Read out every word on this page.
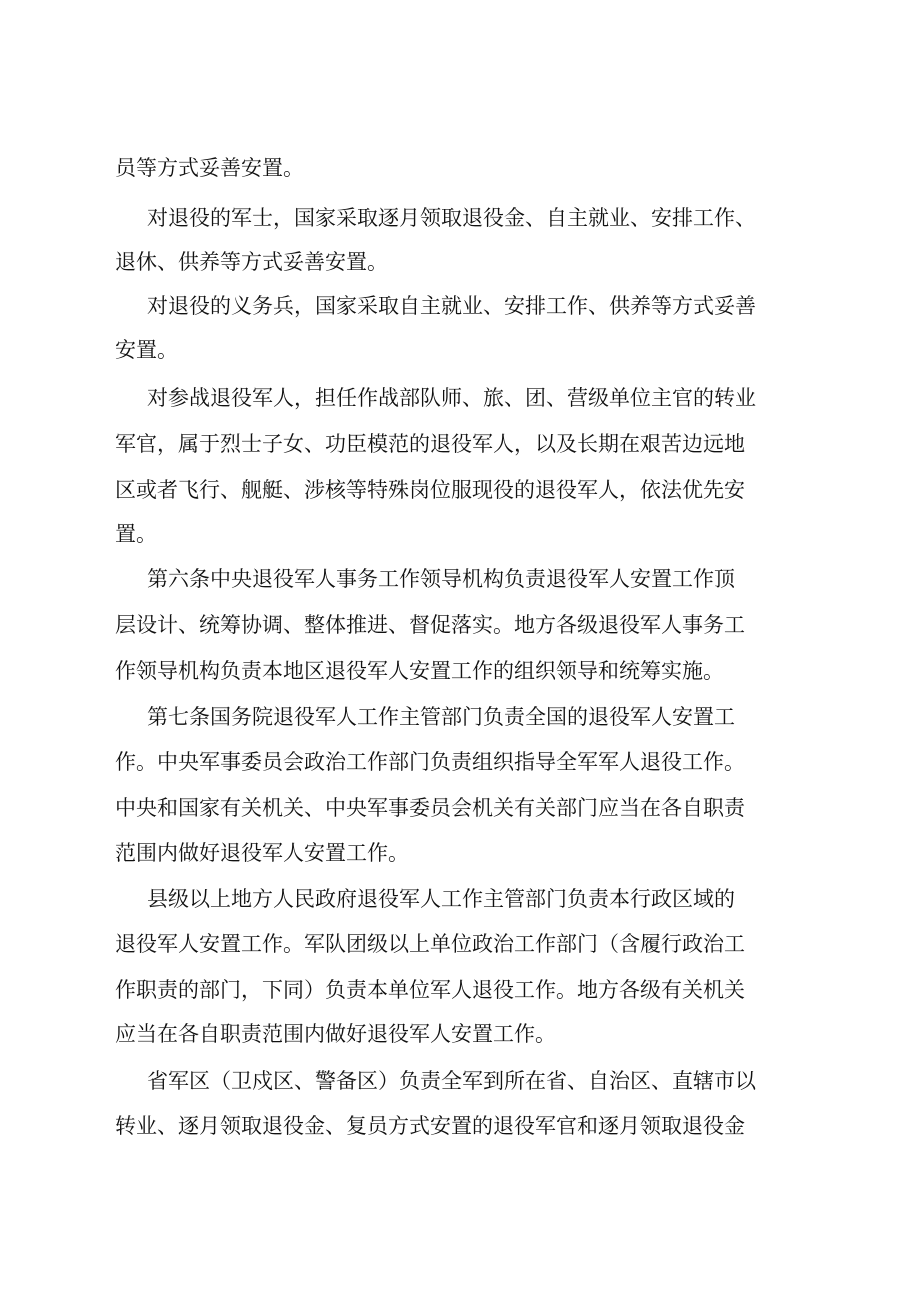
员等方式妥善安置。
对退役的军士，国家采取逐月领取退役金、自主就业、安排工作、
退休、供养等方式妥善安置。
对退役的义务兵，国家采取自主就业、安排工作、供养等方式妥善
安置。
对参战退役军人，担任作战部队师、旅、团、营级单位主官的转业
军官，属于烈士子女、功臣模范的退役军人，以及长期在艰苦边远地
区或者飞行、舰艇、涉核等特殊岗位服现役的退役军人，依法优先安
置。
第六条中央退役军人事务工作领导机构负责退役军人安置工作顶
层设计、统筹协调、整体推进、督促落实。地方各级退役军人事务工
作领导机构负责本地区退役军人安置工作的组织领导和统筹实施。
第七条国务院退役军人工作主管部门负责全国的退役军人安置工
作。中央军事委员会政治工作部门负责组织指导全军军人退役工作。
中央和国家有关机关、中央军事委员会机关有关部门应当在各自职责
范围内做好退役军人安置工作。
县级以上地方人民政府退役军人工作主管部门负责本行政区域的
退役军人安置工作。军队团级以上单位政治工作部门（含履行政治工
作职责的部门，下同）负责本单位军人退役工作。地方各级有关机关
应当在各自职责范围内做好退役军人安置工作。
省军区（卫戍区、警备区）负责全军到所在省、自治区、直辖市以
转业、逐月领取退役金、复员方式安置的退役军官和逐月领取退役金
